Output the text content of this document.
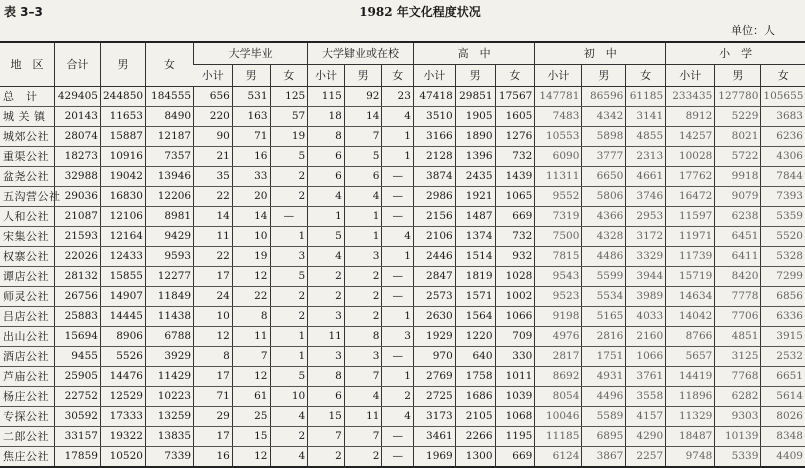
表 3–3	1982 年文化程度状况
单位：人
地　区	合计	男	女	大学毕业			大学肄业或在校			高　中			初　中			小　学		
				小计	男	女	小计	男	女	小计	男	女	小计	男	女	小计	男	女
总　计	429405	244850	184555	656	531	125	115	92	23	47418	29851	17567	147781	86596	61185	233435	127780	105655
城 关 镇	20143	11653	8490	220	163	57	18	14	4	3510	1905	1605	7483	4342	3141	8912	5229	3683
城郊公社	28074	15887	12187	90	71	19	8	7	1	3166	1890	1276	10553	5898	4855	14257	8021	6236
重渠公社	18273	10916	7357	21	16	5	6	5	1	2128	1396	732	6090	3777	2313	10028	5722	4306
盆尧公社	32988	19042	13946	35	33	2	6	6	—	3874	2435	1439	11311	6650	4661	17762	9918	7844
五沟营公社	29036	16830	12206	22	20	2	4	4	—	2986	1921	1065	9552	5806	3746	16472	9079	7393
人和公社	21087	12106	8981	14	14	—	1	1	—	2156	1487	669	7319	4366	2953	11597	6238	5359
宋集公社	21593	12164	9429	11	10	1	5	1	4	2106	1374	732	7500	4328	3172	11971	6451	5520
权寨公社	22026	12433	9593	22	19	3	4	3	1	2446	1514	932	7815	4486	3329	11739	6411	5328
谭店公社	28132	15855	12277	17	12	5	2	2	—	2847	1819	1028	9543	5599	3944	15719	8420	7299
师灵公社	26756	14907	11849	24	22	2	2	2	—	2573	1571	1002	9523	5534	3989	14634	7778	6856
吕店公社	25883	14445	11438	10	8	2	3	2	1	2630	1564	1066	9198	5165	4033	14042	7706	6336
出山公社	15694	8906	6788	12	11	1	11	8	3	1929	1220	709	4976	2816	2160	8766	4851	3915
酒店公社	9455	5526	3929	8	7	1	3	3	—	970	640	330	2817	1751	1066	5657	3125	2532
芦庙公社	25905	14476	11429	17	12	5	8	7	1	2769	1758	1011	8692	4931	3761	14419	7768	6651
杨庄公社	22752	12529	10223	71	61	10	6	4	2	2725	1686	1039	8054	4496	3558	11896	6282	5614
专探公社	30592	17333	13259	29	25	4	15	11	4	3173	2105	1068	10046	5589	4157	11329	9303	8026
二郎公社	33157	19322	13835	17	15	2	7	7	—	3461	2266	1195	11185	6895	4290	18487	10139	8348
焦庄公社	17859	10520	7339	16	12	4	2	2	—	1969	1300	669	6124	3867	2257	9748	5339	4409
